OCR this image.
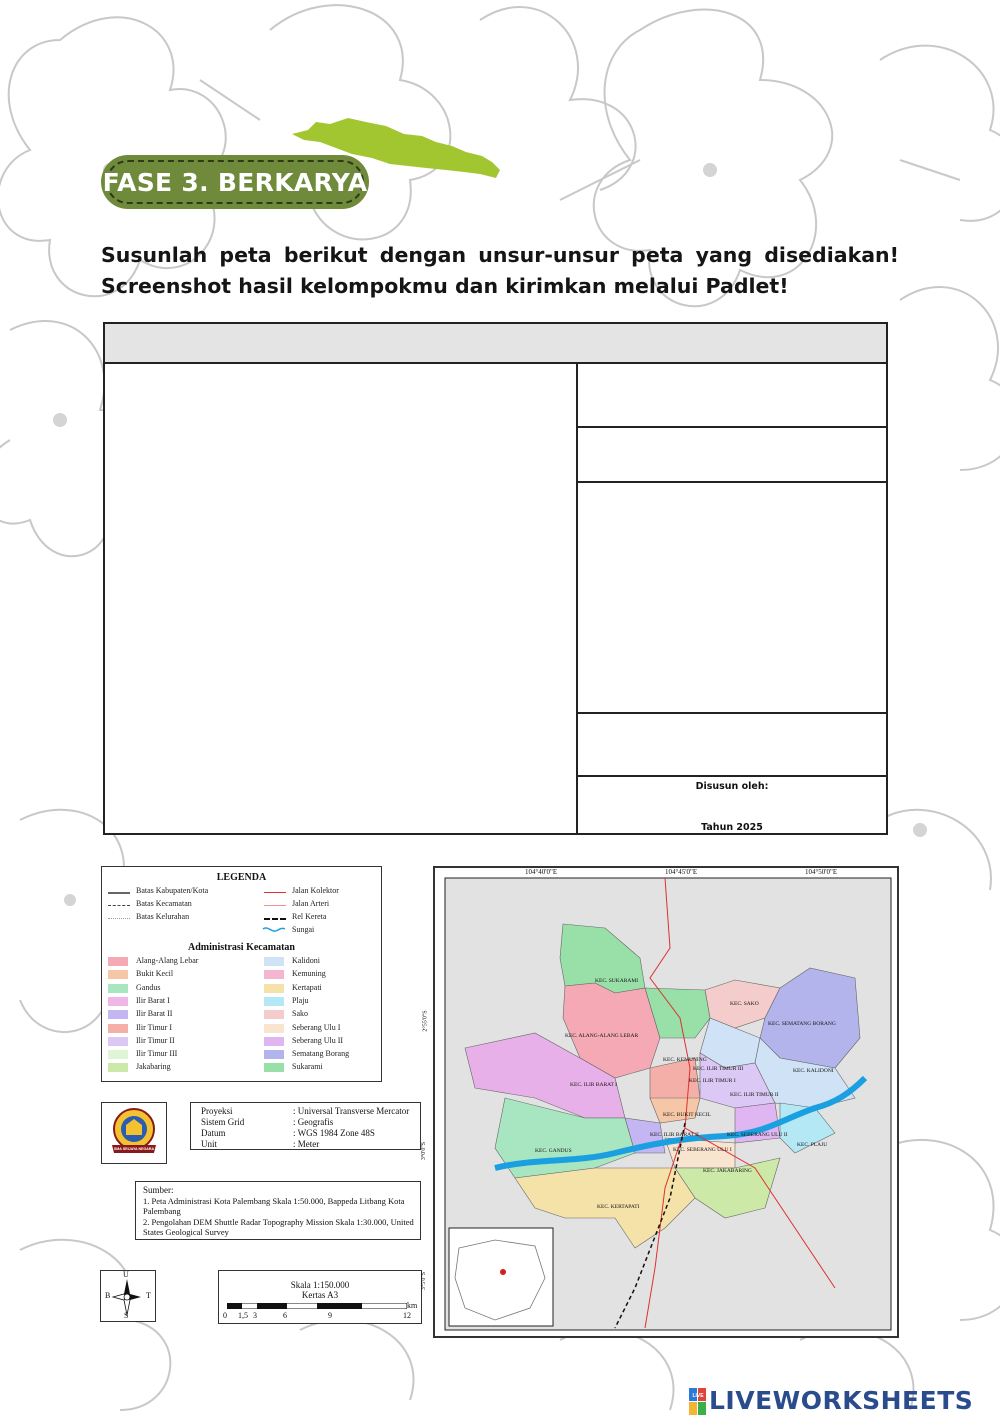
FASE 3. BERKARYA

Susunlah peta berikut dengan unsur-unsur peta yang disediakan!

Screenshot hasil kelompokmu dan kirimkan melalui Padlet!

Disusun oleh:
Tahun 2025
LEGENDA
Batas Kabupaten/Kota
Batas Kecamatan
Batas Kelurahan
Jalan Kolektor
Jalan Arteri
Rel Kereta
Sungai
Administrasi Kecamatan
Alang-Alang Lebar
Bukit Kecil
Gandus
Ilir Barat I
Ilir Barat II
Ilir Timur I
Ilir Timur II
Ilir Timur III
Jakabaring
Kalidoni
Kemuning
Kertapati
Plaju
Sako
Seberang Ulu I
Seberang Ulu II
Sematang Borang
Sukarami
SMA SRIJAYA NEGARA
Proyeksi	: Universal Transverse Mercator
Sistem Grid	: Geografis
Datum	: WGS 1984 Zone 48S
Unit	: Meter
Sumber:
1. Peta Administrasi Kota Palembang Skala 1:50.000, Bappeda Litbang Kota Palembang
2. Pengolahan DEM Shuttle Radar Topography Mission Skala 1:30.000, United States Geological Survey
U
S
B	T
Skala 1:150.000
Kertas A3
km
0 1,5 3	6	9	12
104°40'0"E	104°45'0"E	104°50'0"E
2°55'0"S
3°0'0"S
3°5'0"S
KEC. SUKARAMI
KEC. SAKO
KEC. SEMATANG BORANG
KEC. ALANG-ALANG LEBAR
KEC. KEMUNING
KEC. ILIR TIMUR III	KEC. KALIDONI
KEC. ILIR BARAT I
KEC. ILIR TIMUR I
KEC. ILIR TIMUR II
KEC. BUKIT KECIL
KEC. ILIR BARAT II	KEC. SEBERANG ULU II
KEC. PLAJU
KEC. GANDUS	KEC. SEBERANG ULU I
KEC. JAKABARING
KEC. KERTAPATI
LIVE LIVEWORKSHEETS
